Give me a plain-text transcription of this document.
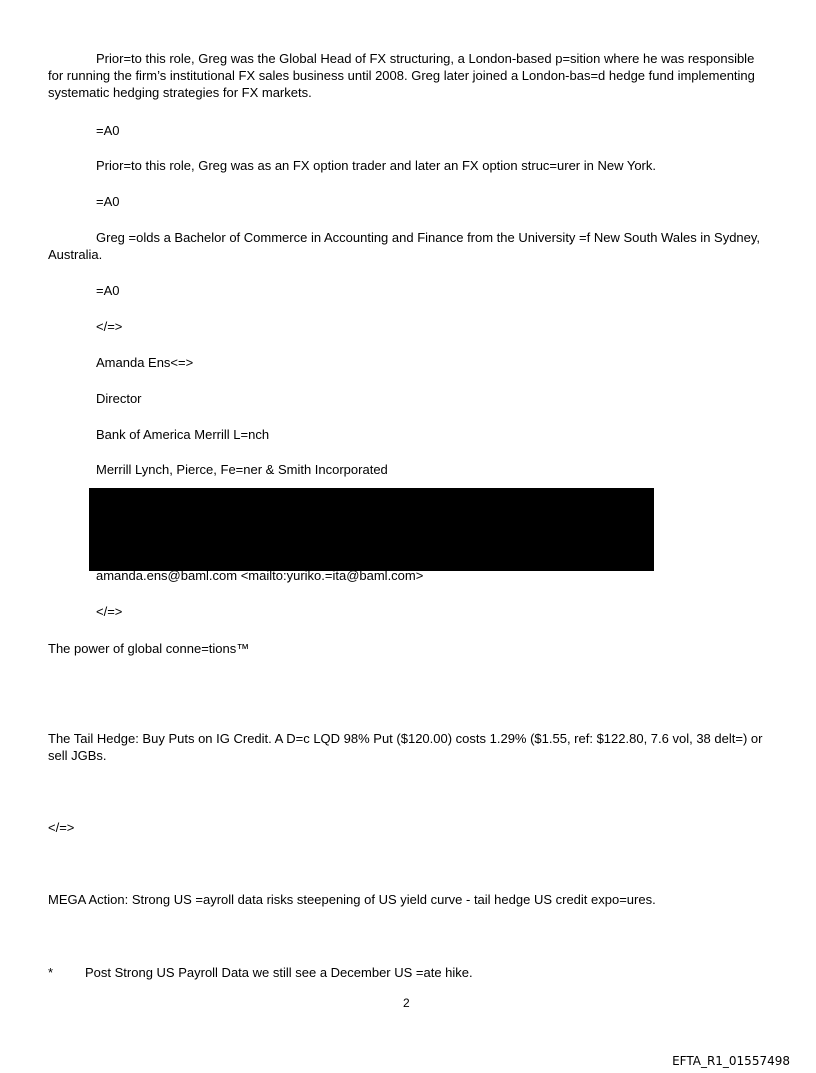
Prior=to this role, Greg was the Global Head of FX structuring, a London-based p=sition where he was responsible for running the firm’s institutional FX sales business until 2008. Greg later joined a London-bas=d hedge fund implementing systematic hedging strategies for FX markets.
=A0
Prior=to this role, Greg was as an FX option trader and later an FX option struc=urer in New York.
=A0
Greg =olds a Bachelor of Commerce in Accounting and Finance from the University =f New South Wales in Sydney, Australia.
=A0
</=>
Amanda Ens<=>
Director
Bank of America Merrill L=nch
Merrill Lynch, Pierce, Fe=ner & Smith Incorporated
amanda.ens@baml.com <mailto:yuriko.=ita@baml.com>
</=>
The power of global conne=tions™
The Tail Hedge: Buy Puts on IG Credit. A D=c LQD 98% Put ($120.00) costs 1.29% ($1.55, ref: $122.80, 7.6 vol, 38 delt=) or sell JGBs.
</=>
MEGA Action: Strong US =ayroll data risks steepening of US yield curve - tail hedge US credit expo=ures.
* Post Strong US Payroll Data we still see a December US =ate hike.
2
EFTA_R1_01557498
